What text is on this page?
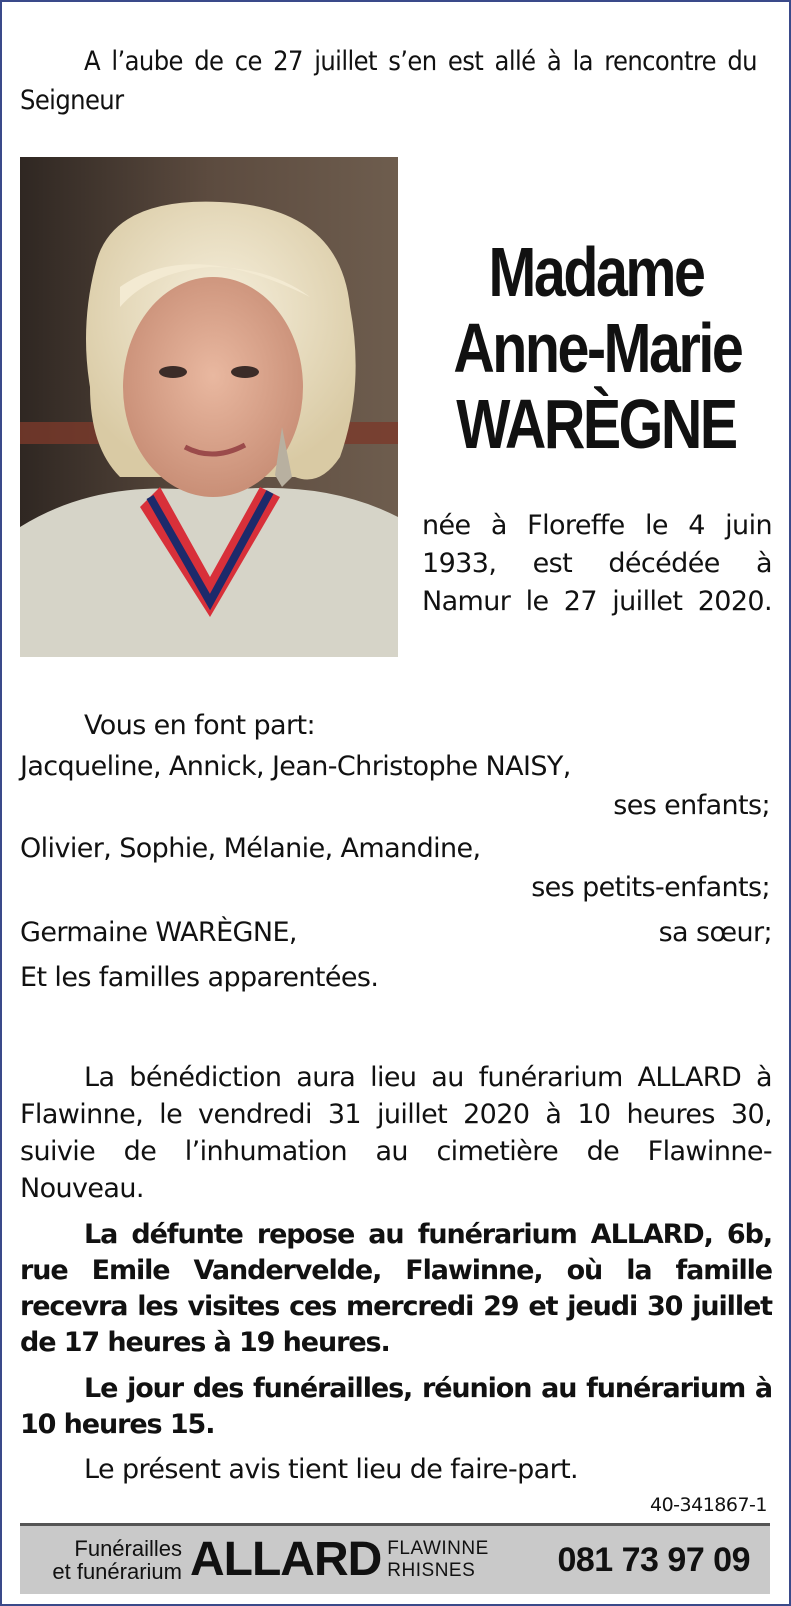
A l’aube de ce 27 juillet s’en est allé à la rencontre du Seigneur
Madame
Anne-Marie
WARÈGNE
née à Floreffe le 4 juin
1933, est décédée à
Namur le 27 juillet 2020.
Vous en font part:
Jacqueline, Annick, Jean-Christophe NAISY,
ses enfants;
Olivier, Sophie, Mélanie, Amandine,
ses petits-enfants;
Germaine WARÈGNE,	sa sœur;
Et les familles apparentées.

La bénédiction aura lieu au funérarium ALLARD à Flawinne, le vendredi 31 juillet 2020 à 10 heures 30, suivie de l’inhumation au cimetière de Flawinne-Nouveau.

La défunte repose au funérarium ALLARD, 6b, rue Emile Vandervelde, Flawinne, où la famille recevra les visites ces mercredi 29 et jeudi 30 juillet de 17 heures à 19 heures.

Le jour des funérailles, réunion au funérarium à 10 heures 15.

Le présent avis tient lieu de faire-part.

40-341867-1
Funérailles
et funérarium ALLARD FLAWINNE
RHISNES	081 73 97 09
